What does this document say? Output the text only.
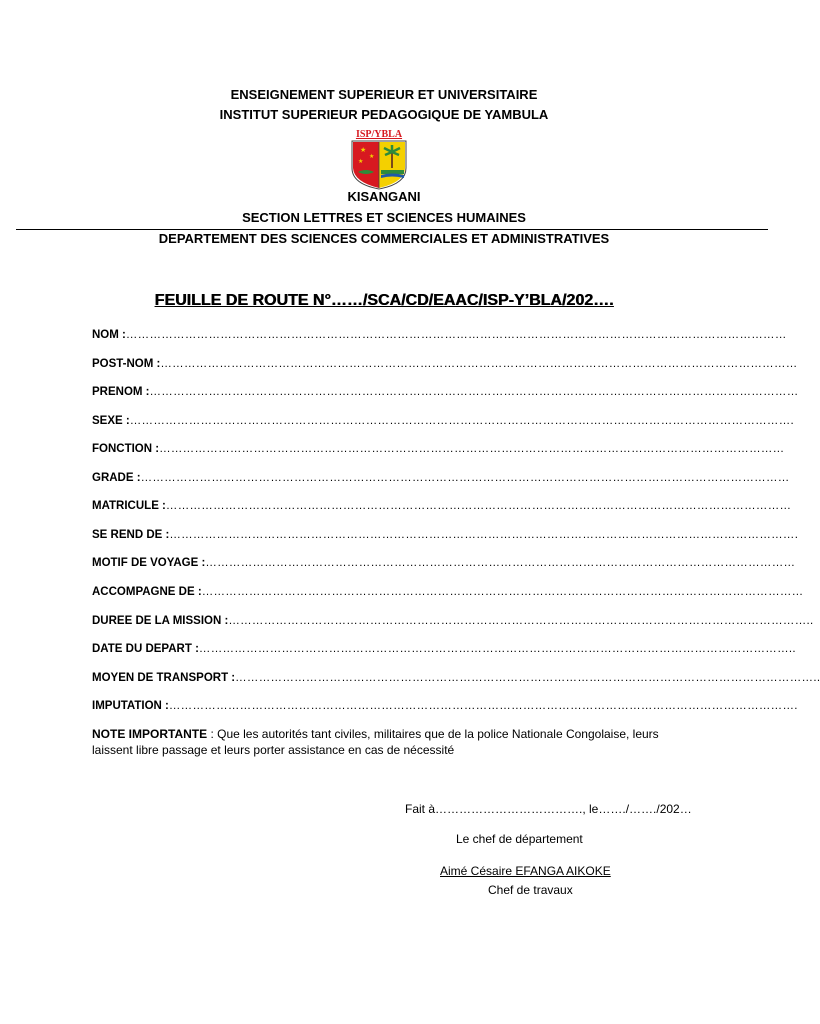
ENSEIGNEMENT SUPERIEUR ET UNIVERSITAIRE
INSTITUT SUPERIEUR PEDAGOGIQUE DE YAMBULA
ISP/YBLA
★
★
★
KISANGANI
SECTION LETTRES ET SCIENCES HUMAINES
DEPARTEMENT DES SCIENCES COMMERCIALES ET ADMINISTRATIVES
FEUILLE DE ROUTE N°……/SCA/CD/EAAC/ISP-Y’BLA/202….
NOM :……………………………………………………………………………………………………………………………………………………
POST-NOM :………………………………………………………………………………………………………………………………………………
PRENOM :…………………………………………………………………………………………………………………………………………………
SEXE :…………………………………………………………………………………………………………………………………………………….
FONCTION :……………………………………………………………………………………………………………………………………………
GRADE :…………………………………………………………………………………………………………………………………………………
MATRICULE :……………………………………………………………………………………………………………………………………………
SE REND DE :…………………………………………………………………………………………………………………………………………….
MOTIF DE VOYAGE :……………………………………………………………………………………………………………………………………
ACCOMPAGNE DE :………………………………………………………………………………………………………………………………………
DUREE DE LA MISSION :…………………………………………………………………………………………………………………………………..
DATE DU DEPART :……………………………………………………………………………………………………………………………………..
MOYEN DE TRANSPORT :…………………………………………………………………………………………………………………………………..
IMPUTATION :…………………………………………………………………………………………………………………………………………….
NOTE IMPORTANTE : Que les autorités tant civiles, militaires que de la police Nationale Congolaise, leurs laissent libre passage et leurs porter assistance en cas de nécessité
Fait à………………………………., le……./……./202…
Le chef de département
Aimé Césaire EFANGA AIKOKE
Chef de travaux
